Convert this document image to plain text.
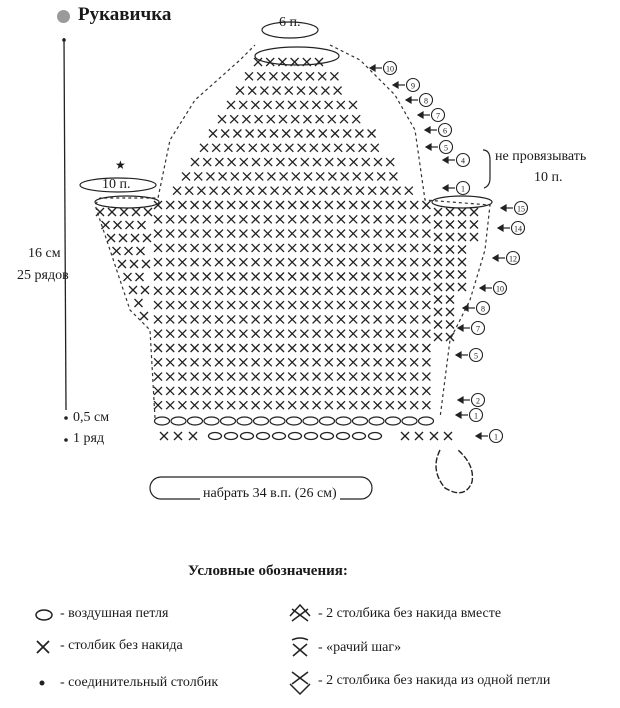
Рукавичка
1
1
2
5
7
8
10
12
14
15
1
4
5
6
7
8
9
10
6 п.
★
10 п.
16 см
25 рядов
0,5 см
1 ряд
не провязывать
10 п.
набрать 34 в.п. (26 см)
Условные обозначения:
- воздушная петля
- столбик без накида
- соединительный столбик
- 2 столбика без накида вместе
- «рачий шаг»
- 2 столбика без накида из одной петли
